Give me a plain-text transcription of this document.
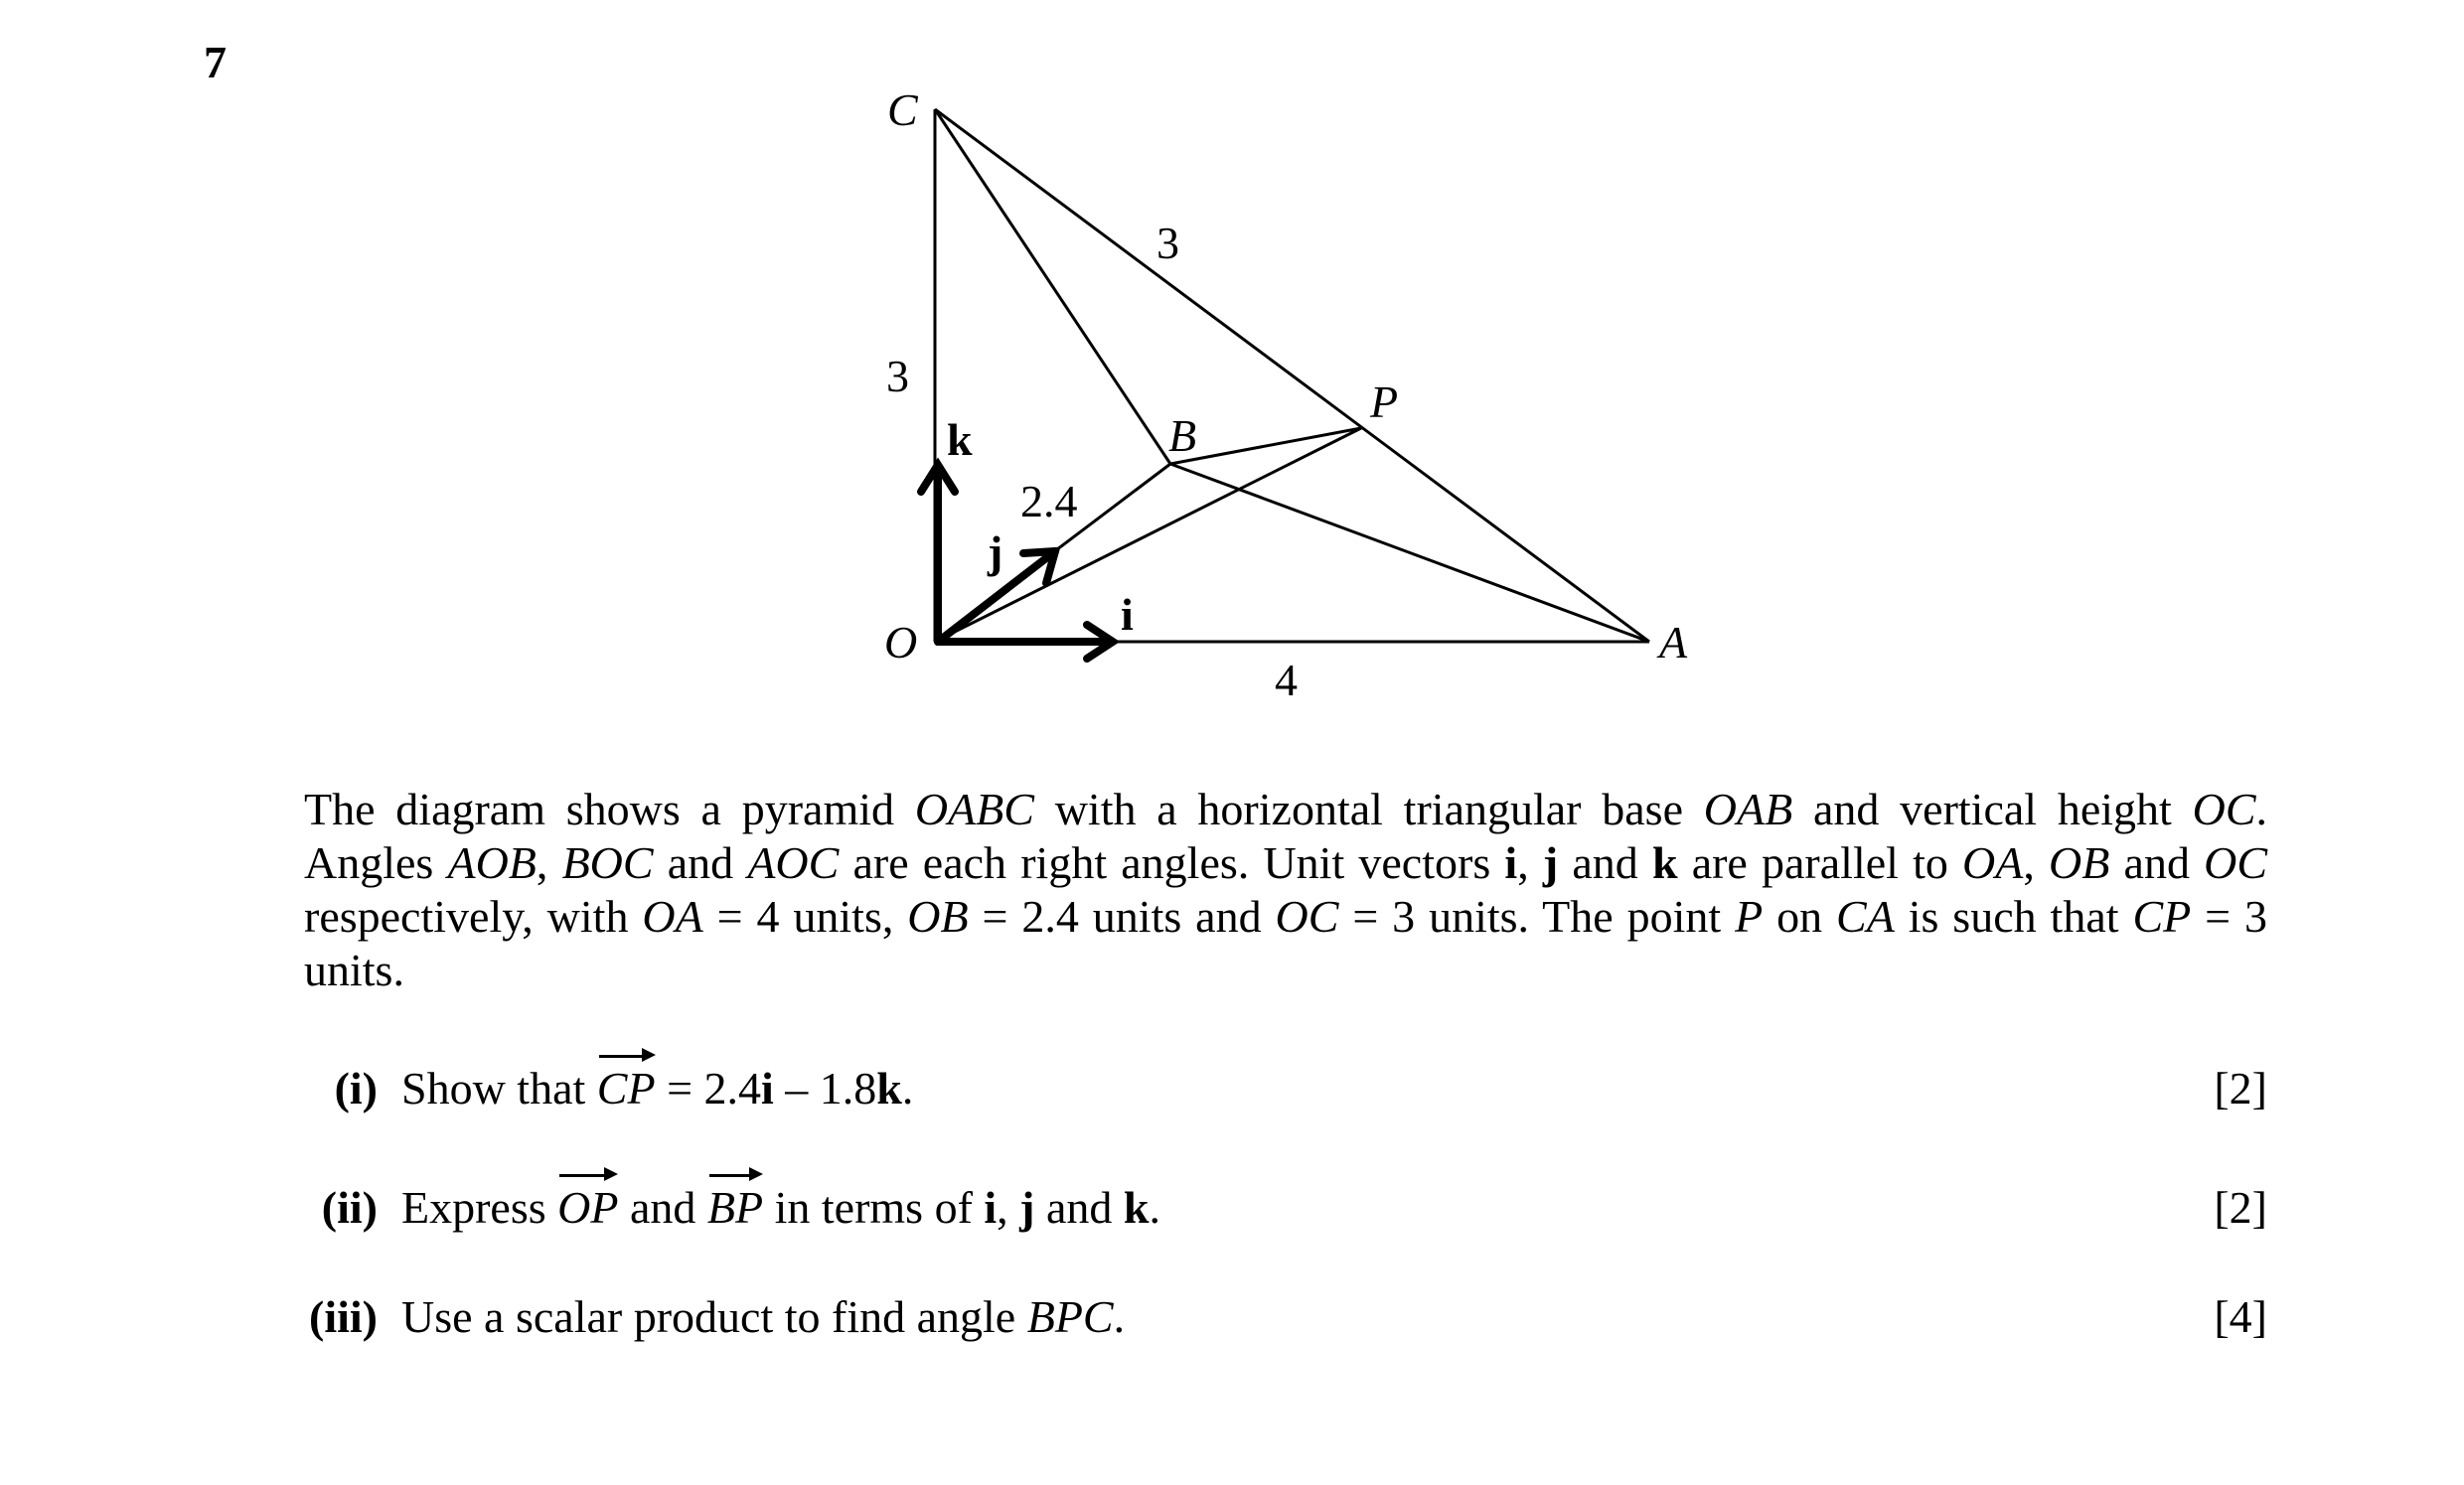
7
C
3
3
P
k	B
2.4
j
i
O	A
4
The diagram shows a pyramid OABC with a horizontal triangular base OAB and vertical height OC. Angles AOB, BOC and AOC are each right angles. Unit vectors i, j and k are parallel to OA, OB and OC respectively, with OA = 4 units, OB = 2.4 units and OC = 3 units. The point P on CA is such that CP = 3 units.
(i) Show that CP = 2.4i – 1.8k.	[2]
(ii) Express OP and BP in terms of i, j and k.	[2]
(iii) Use a scalar product to find angle BPC.	[4]
